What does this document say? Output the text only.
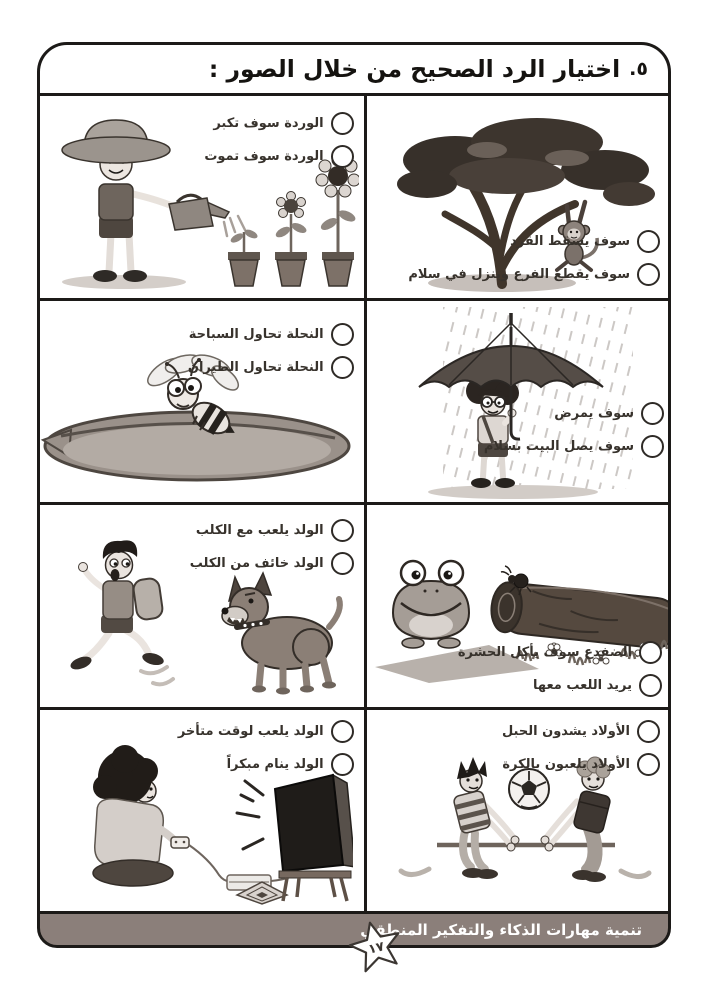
٥.
اختيار الرد الصحيح من خلال الصور :
سوف يسقط القرد
سوف يقطع الفرع وينزل في سلام
الوردة سوف تكبر
الوردة سوف تموت
سوف يمرض
سوف يصل البيت بسلام
النحلة تحاول السباحة
النحلة تحاول الطيران
الضفدع سوف يأكل الحشرة
يريد اللعب معها
الولد يلعب مع الكلب
الولد خائف من الكلب
الأولاد يشدون الحبل
الأولاد يلعبون بالكرة
الولد يلعب لوقت متأخر
الولد ينام مبكراً
تنمية مهارات الذكاء والتفكير المنطقي
١٧
